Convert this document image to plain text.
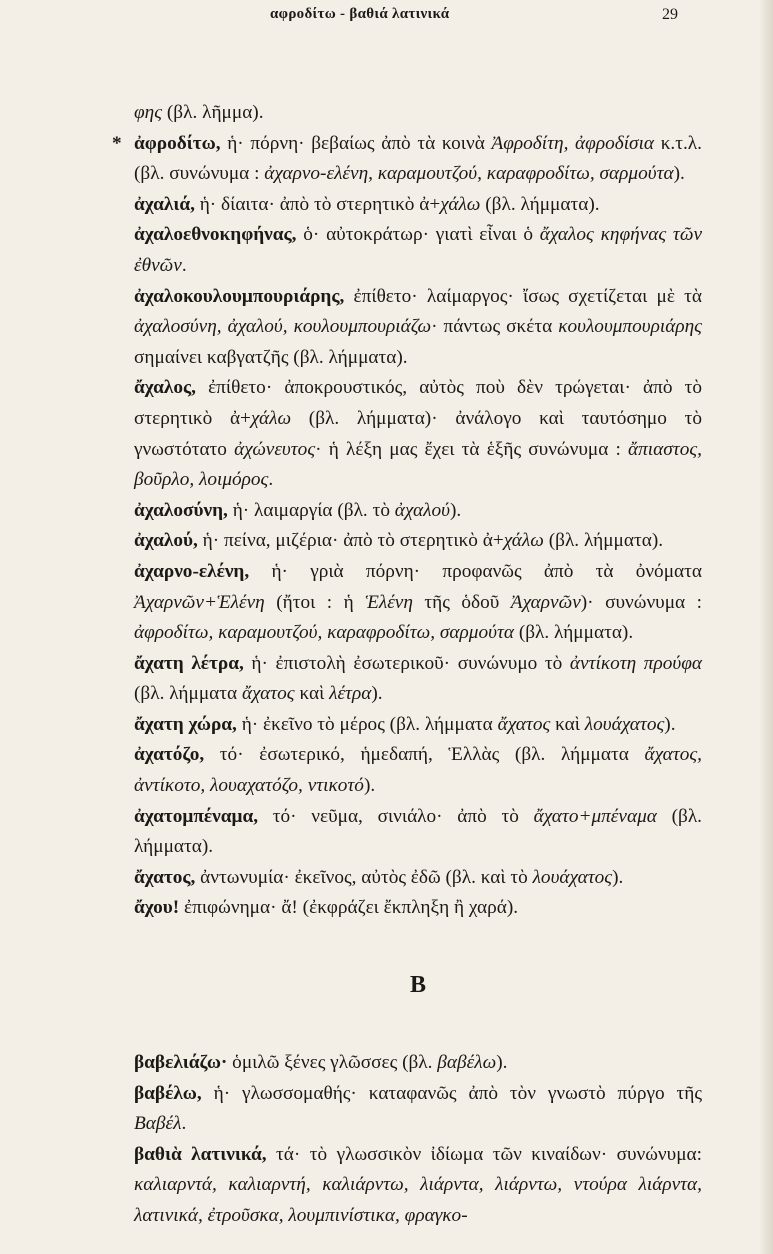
αφροδίτω - βαθιά λατινικά	29

φης (βλ. λῆμμα).

* ἀφροδίτω, ἡ· πόρνη· βεβαίως ἀπὸ τὰ κοινὰ Ἀφροδίτη, ἀφροδίσια κ.τ.λ. (βλ. συνώνυμα : ἀχαρνο-ελένη, καραμουτζού, καραφροδίτω, σαρμούτα).

ἀχαλιά, ἡ· δίαιτα· ἀπὸ τὸ στερητικὸ ἀ+χάλω (βλ. λήμματα).

ἀχαλοεθνοκηφήνας, ὁ· αὐτοκράτωρ· γιατὶ εἶναι ὁ ἄχαλος κηφήνας τῶν ἐθνῶν.

ἀχαλοκουλουμπουριάρης, ἐπίθετο· λαίμαργος· ἴσως σχετίζεται μὲ τὰ ἀχαλοσύνη, ἀχαλού, κουλουμπουριάζω· πάντως σκέτα κουλουμπουριάρης σημαίνει καβγατζῆς (βλ. λήμματα).

ἄχαλος, ἐπίθετο· ἀποκρουστικός, αὐτὸς ποὺ δὲν τρώγεται· ἀπὸ τὸ στερητικὸ ἀ+χάλω (βλ. λήμματα)· ἀνάλογο καὶ ταυτόσημο τὸ γνωστότατο ἀχώνευτος· ἡ λέξη μας ἔχει τὰ ἑξῆς συνώνυμα : ἄπιαστος, βοῦρλο, λοιμόρος.

ἀχαλοσύνη, ἡ· λαιμαργία (βλ. τὸ ἀχαλού).

ἀχαλού, ἡ· πείνα, μιζέρια· ἀπὸ τὸ στερητικὸ ἀ+χάλω (βλ. λήμματα).

ἀχαρνο-ελένη, ἡ· γριὰ πόρνη· προφανῶς ἀπὸ τὰ ὀνόματα Ἀχαρνῶν+Ἑλένη (ἤτοι : ἡ Ἑλένη τῆς ὁδοῦ Ἀχαρνῶν)· συνώνυμα : ἀφροδίτω, καραμουτζού, καραφροδίτω, σαρμούτα (βλ. λήμματα).

ἄχατη λέτρα, ἡ· ἐπιστολὴ ἐσωτερικοῦ· συνώνυμο τὸ ἀντίκοτη προύφα (βλ. λήμματα ἄχατος καὶ λέτρα).

ἄχατη χώρα, ἡ· ἐκεῖνο τὸ μέρος (βλ. λήμματα ἄχατος καὶ λουάχατος).

ἀχατόζο, τό· ἐσωτερικό, ἡμεδαπή, Ἑλλὰς (βλ. λήμματα ἄχατος, ἀντίκοτο, λουαχατόζο, ντικοτό).

ἀχατομπέναμα, τό· νεῦμα, σινιάλο· ἀπὸ τὸ ἄχατο+μπέναμα (βλ. λήμματα).

ἄχατος, ἀντωνυμία· ἐκεῖνος, αὐτὸς ἐδῶ (βλ. καὶ τὸ λουάχατος).

ἄχου! ἐπιφώνημα· ἄ! (ἐκφράζει ἔκπληξη ἢ χαρά).

B

βαβελιάζω· ὁμιλῶ ξένες γλῶσσες (βλ. βαβέλω).

βαβέλω, ἡ· γλωσσομαθής· καταφανῶς ἀπὸ τὸν γνωστὸ πύργο τῆς Βαβέλ.

βαθιὰ λατινικά, τά· τὸ γλωσσικὸν ἰδίωμα τῶν κιναίδων· συνώνυμα: καλιαρντά, καλιαρντή, καλιάρντω, λιάρντα, λιάρντω, ντούρα λιάρντα, λατινικά, ἐτροῦσκα, λουμπινίστικα, φραγκο-
